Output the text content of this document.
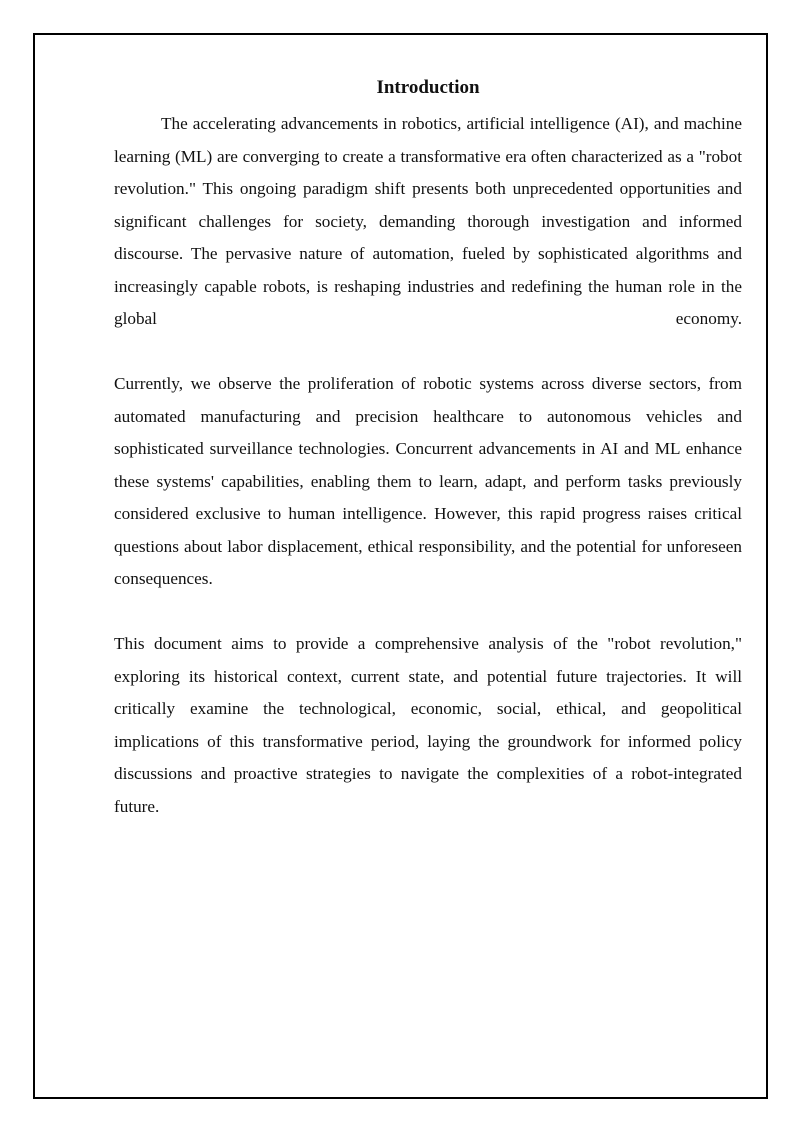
Introduction

The accelerating advancements in robotics, artificial intelligence (AI), and machine learning (ML) are converging to create a transformative era often characterized as a "robot revolution." This ongoing paradigm shift presents both unprecedented opportunities and significant challenges for society, demanding thorough investigation and informed discourse. The pervasive nature of automation, fueled by sophisticated algorithms and increasingly capable robots, is reshaping industries and redefining the human role in the global economy.

Currently, we observe the proliferation of robotic systems across diverse sectors, from automated manufacturing and precision healthcare to autonomous vehicles and sophisticated surveillance technologies. Concurrent advancements in AI and ML enhance these systems' capabilities, enabling them to learn, adapt, and perform tasks previously considered exclusive to human intelligence. However, this rapid progress raises critical questions about labor displacement, ethical responsibility, and the potential for unforeseen consequences.

This document aims to provide a comprehensive analysis of the "robot revolution," exploring its historical context, current state, and potential future trajectories. It will critically examine the technological, economic, social, ethical, and geopolitical implications of this transformative period, laying the groundwork for informed policy discussions and proactive strategies to navigate the complexities of a robot-integrated future.
